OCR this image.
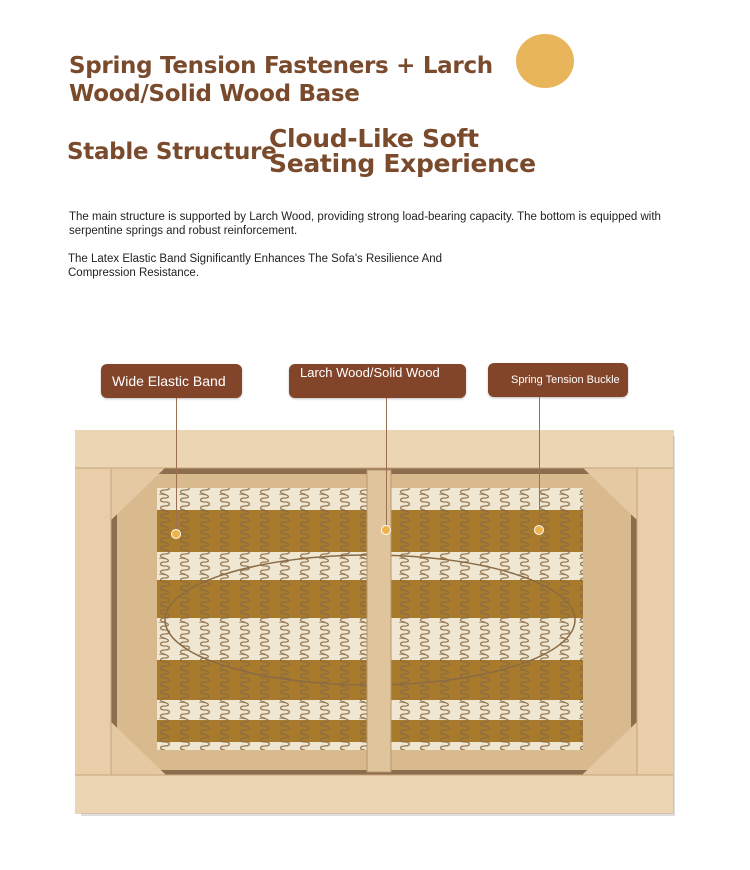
Spring Tension Fasteners + Larch Wood/Solid Wood Base
Stable Structure
Cloud-Like Soft Seating Experience
The main structure is supported by Larch Wood, providing strong load-bearing capacity. The bottom is equipped with serpentine springs and robust reinforcement.
The Latex Elastic Band Significantly Enhances The Sofa's Resilience And Compression Resistance.
Wide Elastic Band
Larch Wood/Solid Wood	Spring Tension Buckle
